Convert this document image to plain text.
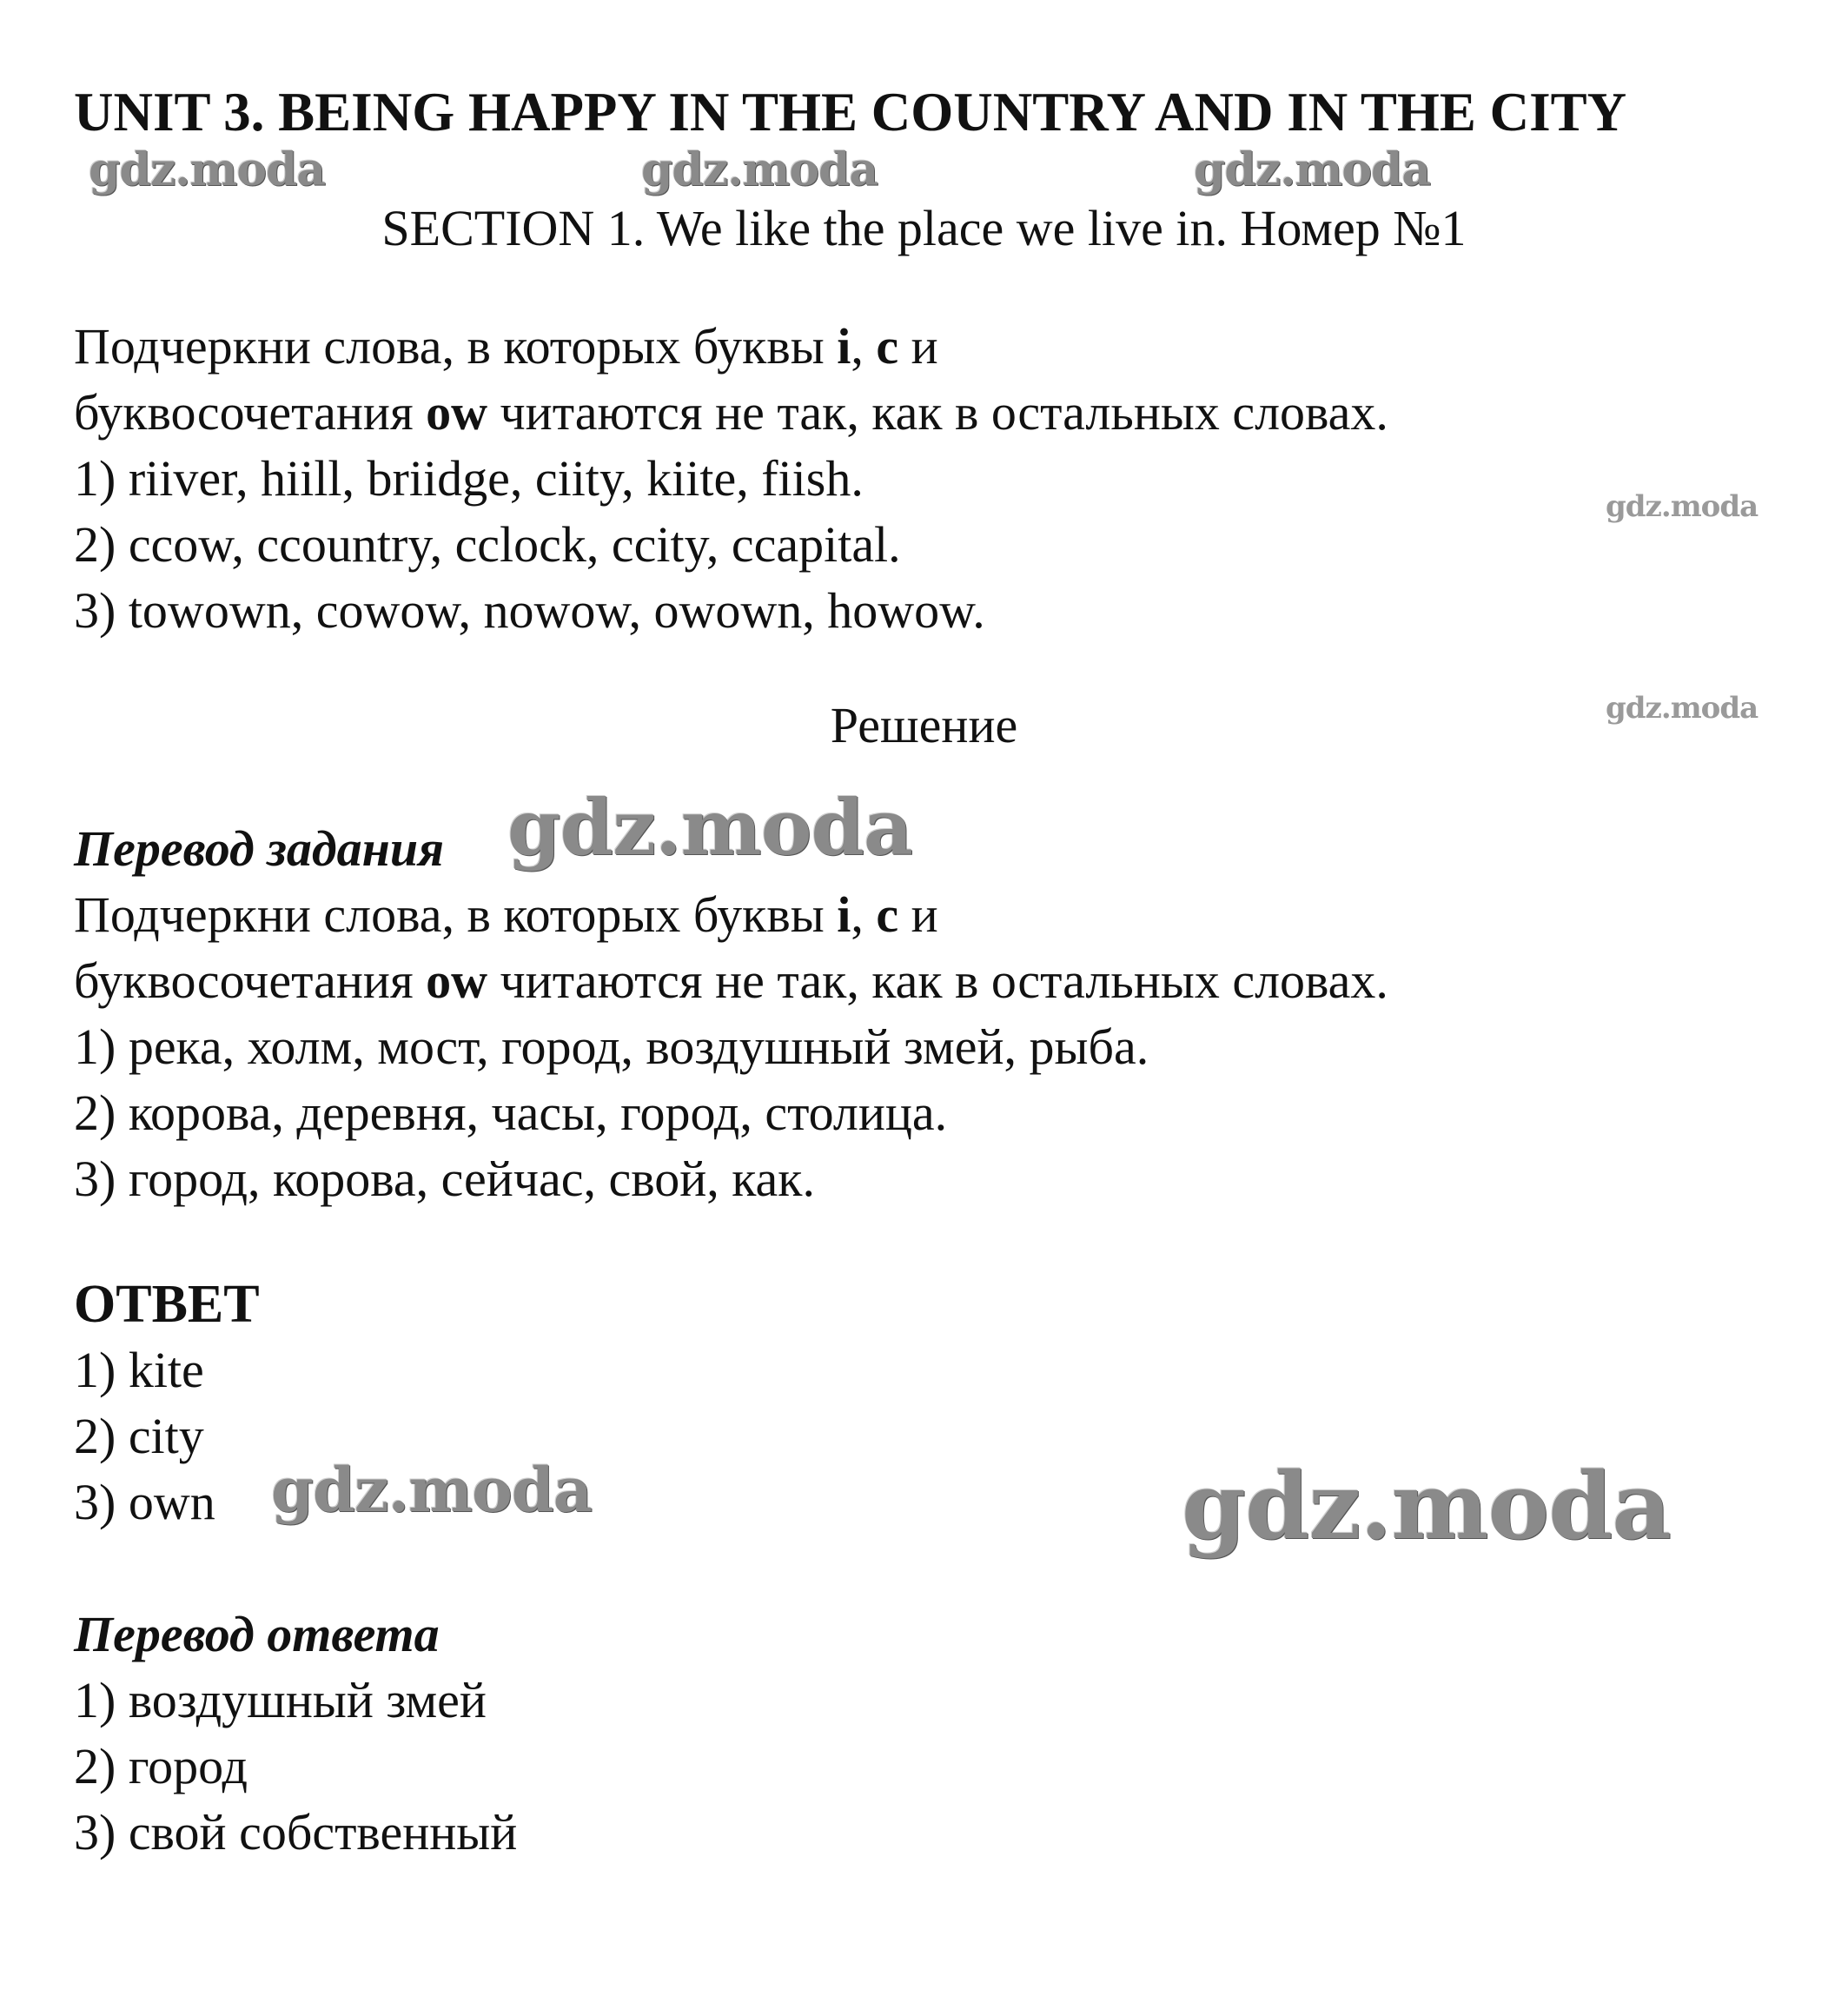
UNIT 3. BEING HAPPY IN THE COUNTRY AND IN THE CITY
gdz.moda	gdz.moda	gdz.moda
SECTION 1. We like the place we live in. Номер №1
Подчеркни слова, в которых буквы i, c и
буквосочетания ow читаются не так, как в остальных словах.
1) riiver, hiill, briidge, ciity, kiite, fiish.
2) ccow, ccountry, cclock, ccity, ccapital.
3) towown, cowow, nowow, owown, howow.
gdz.moda
Решение	gdz.moda
Перевод задания gdz.moda
Подчеркни слова, в которых буквы i, c и
буквосочетания ow читаются не так, как в остальных словах.
1) река, холм, мост, город, воздушный змей, рыба.
2) корова, деревня, часы, город, столица.
3) город, корова, сейчас, свой, как.
ОТВЕТ
1) kite
2) city
3) own gdz.moda	gdz.moda
Перевод ответа
1) воздушный змей
2) город
3) свой собственный
